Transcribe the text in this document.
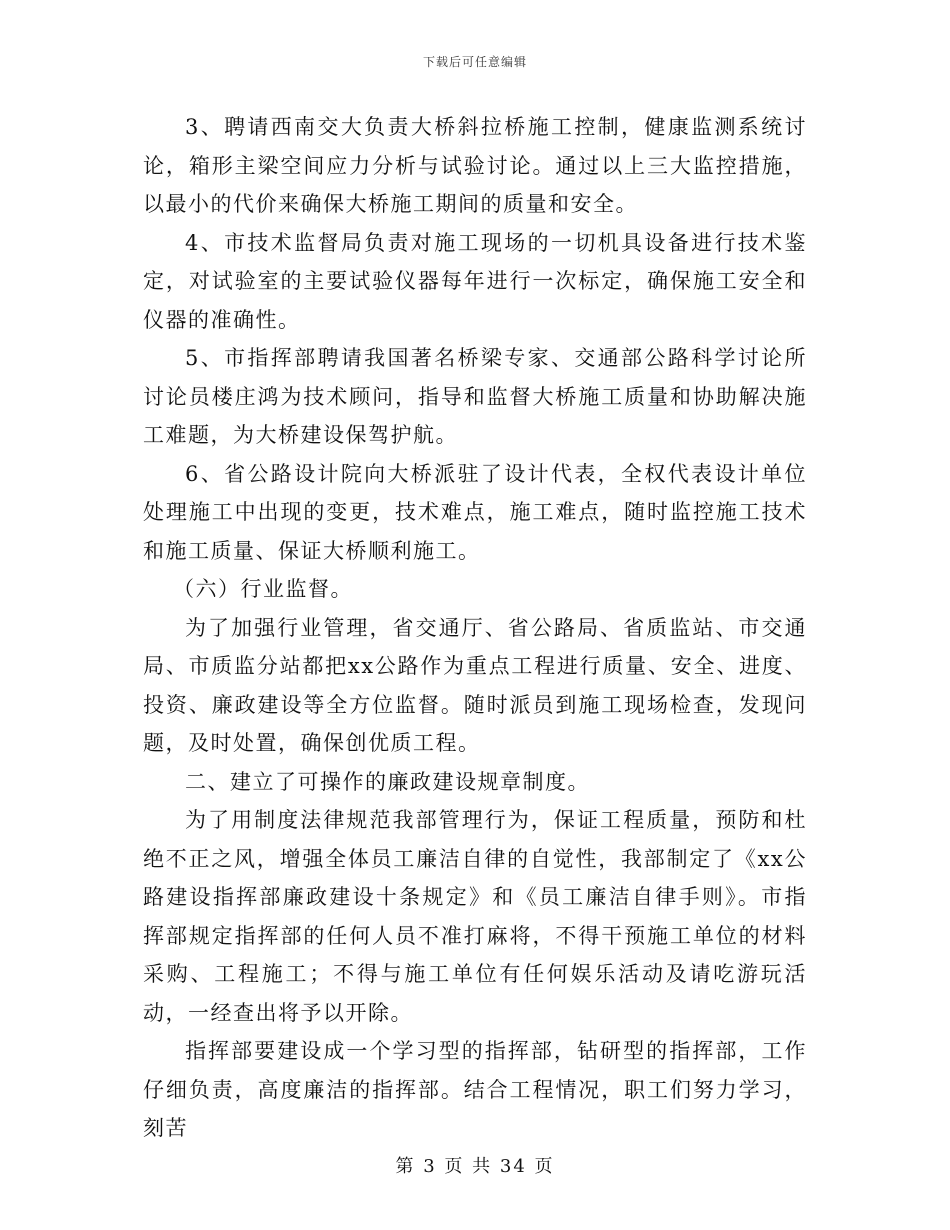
下载后可任意编辑

3、聘请西南交大负责大桥斜拉桥施工控制，健康监测系统讨论，箱形主梁空间应力分析与试验讨论。通过以上三大监控措施，以最小的代价来确保大桥施工期间的质量和安全。

4、市技术监督局负责对施工现场的一切机具设备进行技术鉴定，对试验室的主要试验仪器每年进行一次标定，确保施工安全和仪器的准确性。

5、市指挥部聘请我国著名桥梁专家、交通部公路科学讨论所讨论员楼庄鸿为技术顾问，指导和监督大桥施工质量和协助解决施工难题，为大桥建设保驾护航。

6、省公路设计院向大桥派驻了设计代表，全权代表设计单位处理施工中出现的变更，技术难点，施工难点，随时监控施工技术和施工质量、保证大桥顺利施工。

（六）行业监督。

为了加强行业管理，省交通厅、省公路局、省质监站、市交通局、市质监分站都把xx公路作为重点工程进行质量、安全、进度、投资、廉政建设等全方位监督。随时派员到施工现场检查，发现问题，及时处置，确保创优质工程。

二、建立了可操作的廉政建设规章制度。

为了用制度法律规范我部管理行为，保证工程质量，预防和杜绝不正之风，增强全体员工廉洁自律的自觉性，我部制定了《xx公路建设指挥部廉政建设十条规定》和《员工廉洁自律手则》。市指挥部规定指挥部的任何人员不准打麻将，不得干预施工单位的材料采购、工程施工；不得与施工单位有任何娱乐活动及请吃游玩活动，一经查出将予以开除。

指挥部要建设成一个学习型的指挥部，钻研型的指挥部，工作仔细负责，高度廉洁的指挥部。结合工程情况，职工们努力学习，刻苦

第 3 页 共 34 页
